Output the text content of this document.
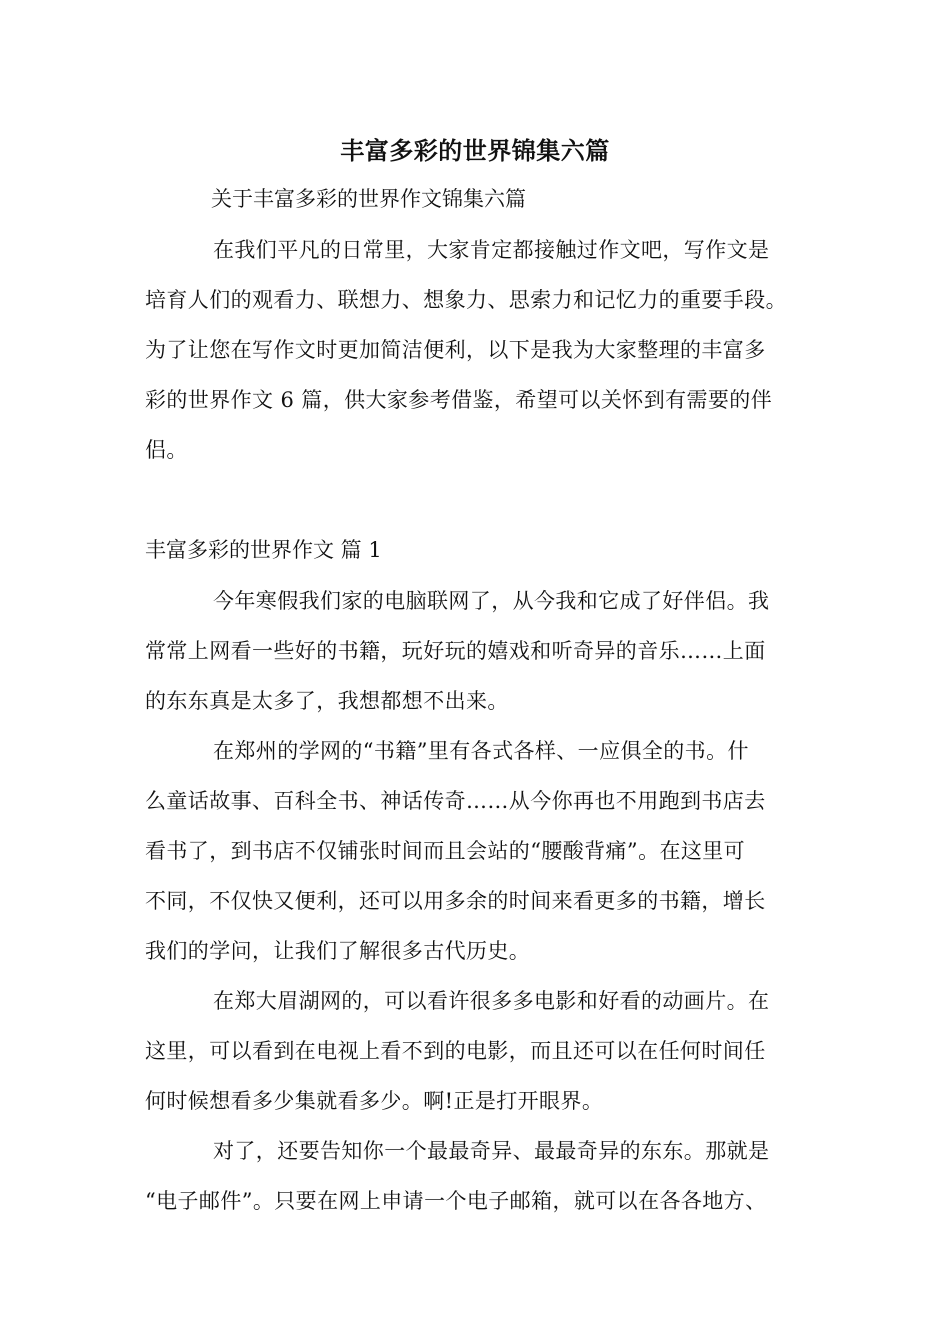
丰富多彩的世界锦集六篇
关于丰富多彩的世界作文锦集六篇
在我们平凡的日常里，大家肯定都接触过作文吧，写作文是
培育人们的观看力、联想力、想象力、思索力和记忆力的重要手段。
为了让您在写作文时更加简洁便利，以下是我为大家整理的丰富多
彩的世界作文 6 篇，供大家参考借鉴，希望可以关怀到有需要的伴
侣。
丰富多彩的世界作文 篇 1
今年寒假我们家的电脑联网了，从今我和它成了好伴侣。我
常常上网看一些好的书籍，玩好玩的嬉戏和听奇异的音乐……上面
的东东真是太多了，我想都想不出来。
在郑州的学网的“书籍”里有各式各样、一应俱全的书。什
么童话故事、百科全书、神话传奇……从今你再也不用跑到书店去
看书了，到书店不仅铺张时间而且会站的“腰酸背痛”。在这里可
不同，不仅快又便利，还可以用多余的时间来看更多的书籍，增长
我们的学问，让我们了解很多古代历史。
在郑大眉湖网的，可以看许很多多电影和好看的动画片。在
这里，可以看到在电视上看不到的电影，而且还可以在任何时间任
何时候想看多少集就看多少。啊!正是打开眼界。
对了，还要告知你一个最最奇异、最最奇异的东东。那就是
“电子邮件”。只要在网上申请一个电子邮箱，就可以在各各地方、
